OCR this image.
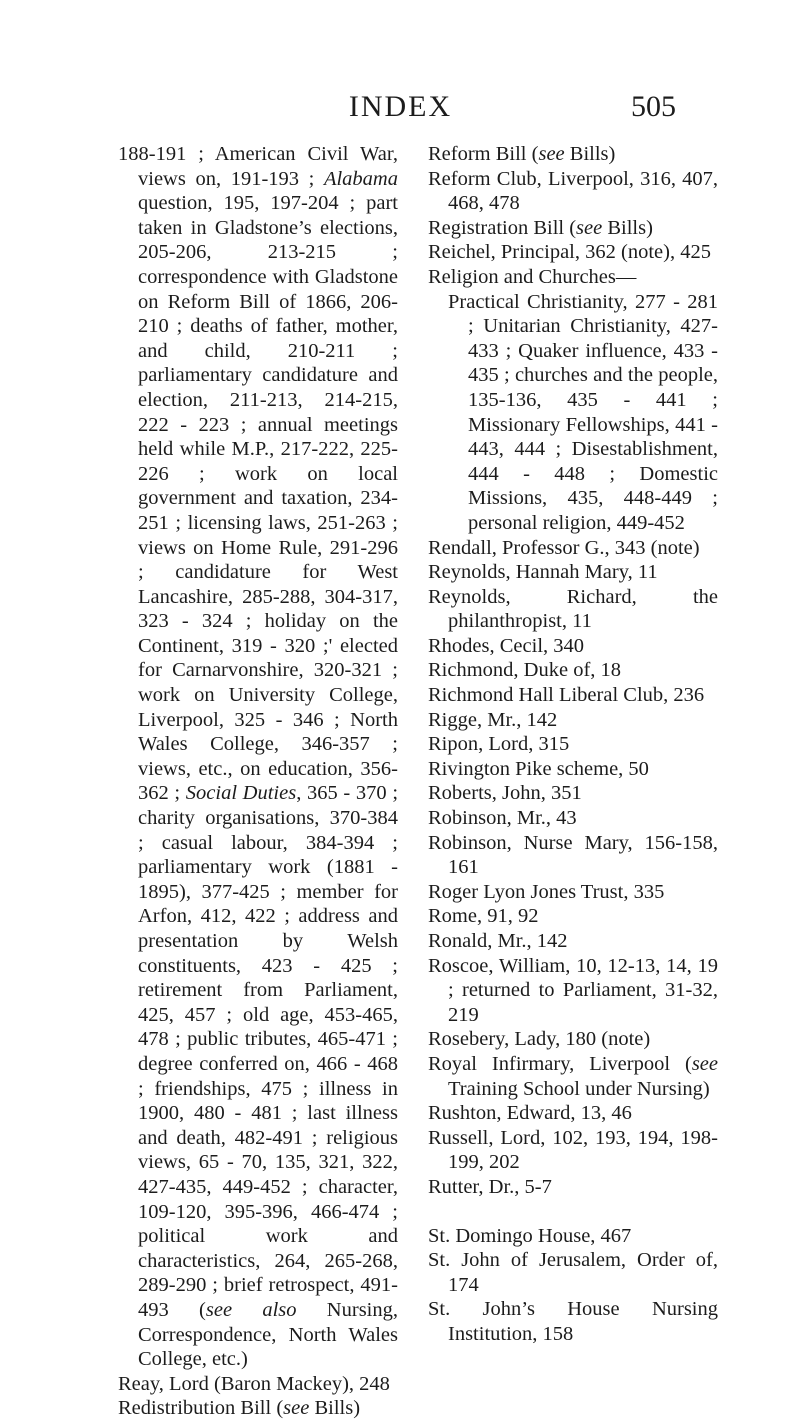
INDEX	505

188-191 ; American Civil War, views on, 191-193 ; Alabama question, 195, 197-204 ; part taken in Gladstone’s elections, 205-206, 213-215 ; correspondence with Gladstone on Reform Bill of 1866, 206-210 ; deaths of father, mother, and child, 210-211 ; parliamentary candidature and election, 211-213, 214-215, 222 - 223 ; annual meetings held while M.P., 217-222, 225-226 ; work on local government and taxation, 234-251 ; licensing laws, 251-263 ; views on Home Rule, 291-296 ; candidature for West Lancashire, 285-288, 304-317, 323 - 324 ; holiday on the Continent, 319 - 320 ;' elected for Carnarvonshire, 320-321 ; work on University College, Liverpool, 325 - 346 ; North Wales College, 346-357 ; views, etc., on education, 356-362 ; Social Duties, 365 - 370 ; charity organisations, 370-384 ; casual labour, 384-394 ; parliamentary work (1881 - 1895), 377-425 ; member for Arfon, 412, 422 ; address and presentation by Welsh constituents, 423 - 425 ; retirement from Parliament, 425, 457 ; old age, 453-465, 478 ; public tributes, 465-471 ; degree conferred on, 466 - 468 ; friendships, 475 ; illness in 1900, 480 - 481 ; last illness and death, 482-491 ; religious views, 65 - 70, 135, 321, 322, 427-435, 449-452 ; character, 109-120, 395-396, 466-474 ; political work and characteristics, 264, 265-268, 289-290 ; brief retrospect, 491-493 (see also Nursing, Correspondence, North Wales College, etc.)

Reay, Lord (Baron Mackey), 248

Redistribution Bill (see Bills)

Reform Bill (see Bills)

Reform Club, Liverpool, 316, 407, 468, 478

Registration Bill (see Bills)

Reichel, Principal, 362 (note), 425

Religion and Churches—

Practical Christianity, 277 - 281 ; Unitarian Christianity, 427-433 ; Quaker influence, 433 - 435 ; churches and the people, 135-136, 435 - 441 ; Missionary Fellowships, 441 - 443, 444 ; Disestablishment, 444 - 448 ; Domestic Missions, 435, 448-449 ; personal religion, 449-452

Rendall, Professor G., 343 (note)

Reynolds, Hannah Mary, 11

Reynolds, Richard, the philanthropist, 11

Rhodes, Cecil, 340

Richmond, Duke of, 18

Richmond Hall Liberal Club, 236

Rigge, Mr., 142

Ripon, Lord, 315

Rivington Pike scheme, 50

Roberts, John, 351

Robinson, Mr., 43

Robinson, Nurse Mary, 156-158, 161

Roger Lyon Jones Trust, 335

Rome, 91, 92

Ronald, Mr., 142

Roscoe, William, 10, 12-13, 14, 19 ; returned to Parliament, 31-32, 219

Rosebery, Lady, 180 (note)

Royal Infirmary, Liverpool (see Training School under Nursing)

Rushton, Edward, 13, 46

Russell, Lord, 102, 193, 194, 198-199, 202

Rutter, Dr., 5-7

St. Domingo House, 467

St. John of Jerusalem, Order of, 174

St. John’s House Nursing Institution, 158
